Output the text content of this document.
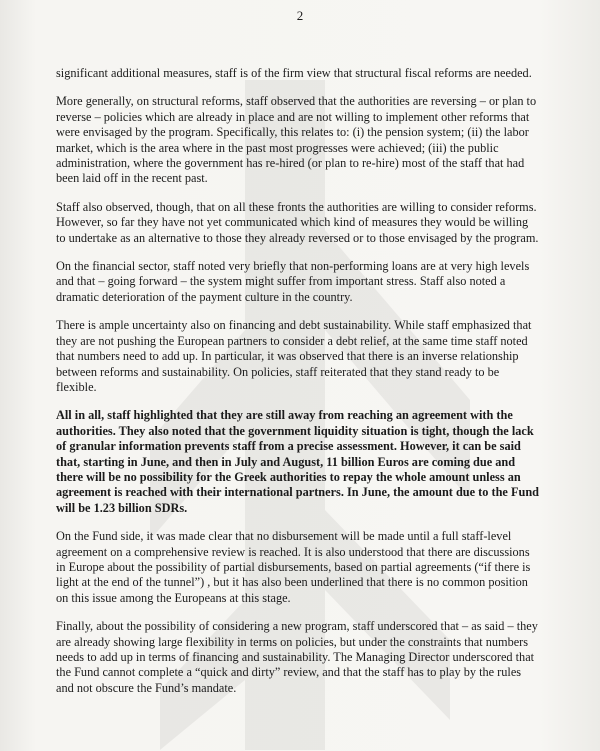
2

significant additional measures, staff is of the firm view that structural fiscal reforms are needed.

More generally, on structural reforms, staff observed that the authorities are reversing – or plan to reverse – policies which are already in place and are not willing to implement other reforms that were envisaged by the program. Specifically, this relates to: (i) the pension system; (ii) the labor market, which is the area where in the past most progresses were achieved; (iii) the public administration, where the government has re-hired (or plan to re-hire) most of the staff that had been laid off in the recent past.

Staff also observed, though, that on all these fronts the authorities are willing to consider reforms. However, so far they have not yet communicated which kind of measures they would be willing to undertake as an alternative to those they already reversed or to those envisaged by the program.

On the financial sector, staff noted very briefly that non-performing loans are at very high levels and that – going forward – the system might suffer from important stress. Staff also noted a dramatic deterioration of the payment culture in the country.

There is ample uncertainty also on financing and debt sustainability. While staff emphasized that they are not pushing the European partners to consider a debt relief, at the same time staff noted that numbers need to add up. In particular, it was observed that there is an inverse relationship between reforms and sustainability. On policies, staff reiterated that they stand ready to be flexible.

All in all, staff highlighted that they are still away from reaching an agreement with the authorities. They also noted that the government liquidity situation is tight, though the lack of granular information prevents staff from a precise assessment. However, it can be said that, starting in June, and then in July and August, 11 billion Euros are coming due and there will be no possibility for the Greek authorities to repay the whole amount unless an agreement is reached with their international partners. In June, the amount due to the Fund will be 1.23 billion SDRs.

On the Fund side, it was made clear that no disbursement will be made until a full staff-level agreement on a comprehensive review is reached. It is also understood that there are discussions in Europe about the possibility of partial disbursements, based on partial agreements (“if there is light at the end of the tunnel”) , but it has also been underlined that there is no common position on this issue among the Europeans at this stage.

Finally, about the possibility of considering a new program, staff underscored that – as said – they are already showing large flexibility in terms on policies, but under the constraints that numbers needs to add up in terms of financing and sustainability. The Managing Director underscored that the Fund cannot complete a “quick and dirty” review, and that the staff has to play by the rules and not obscure the Fund’s mandate.
